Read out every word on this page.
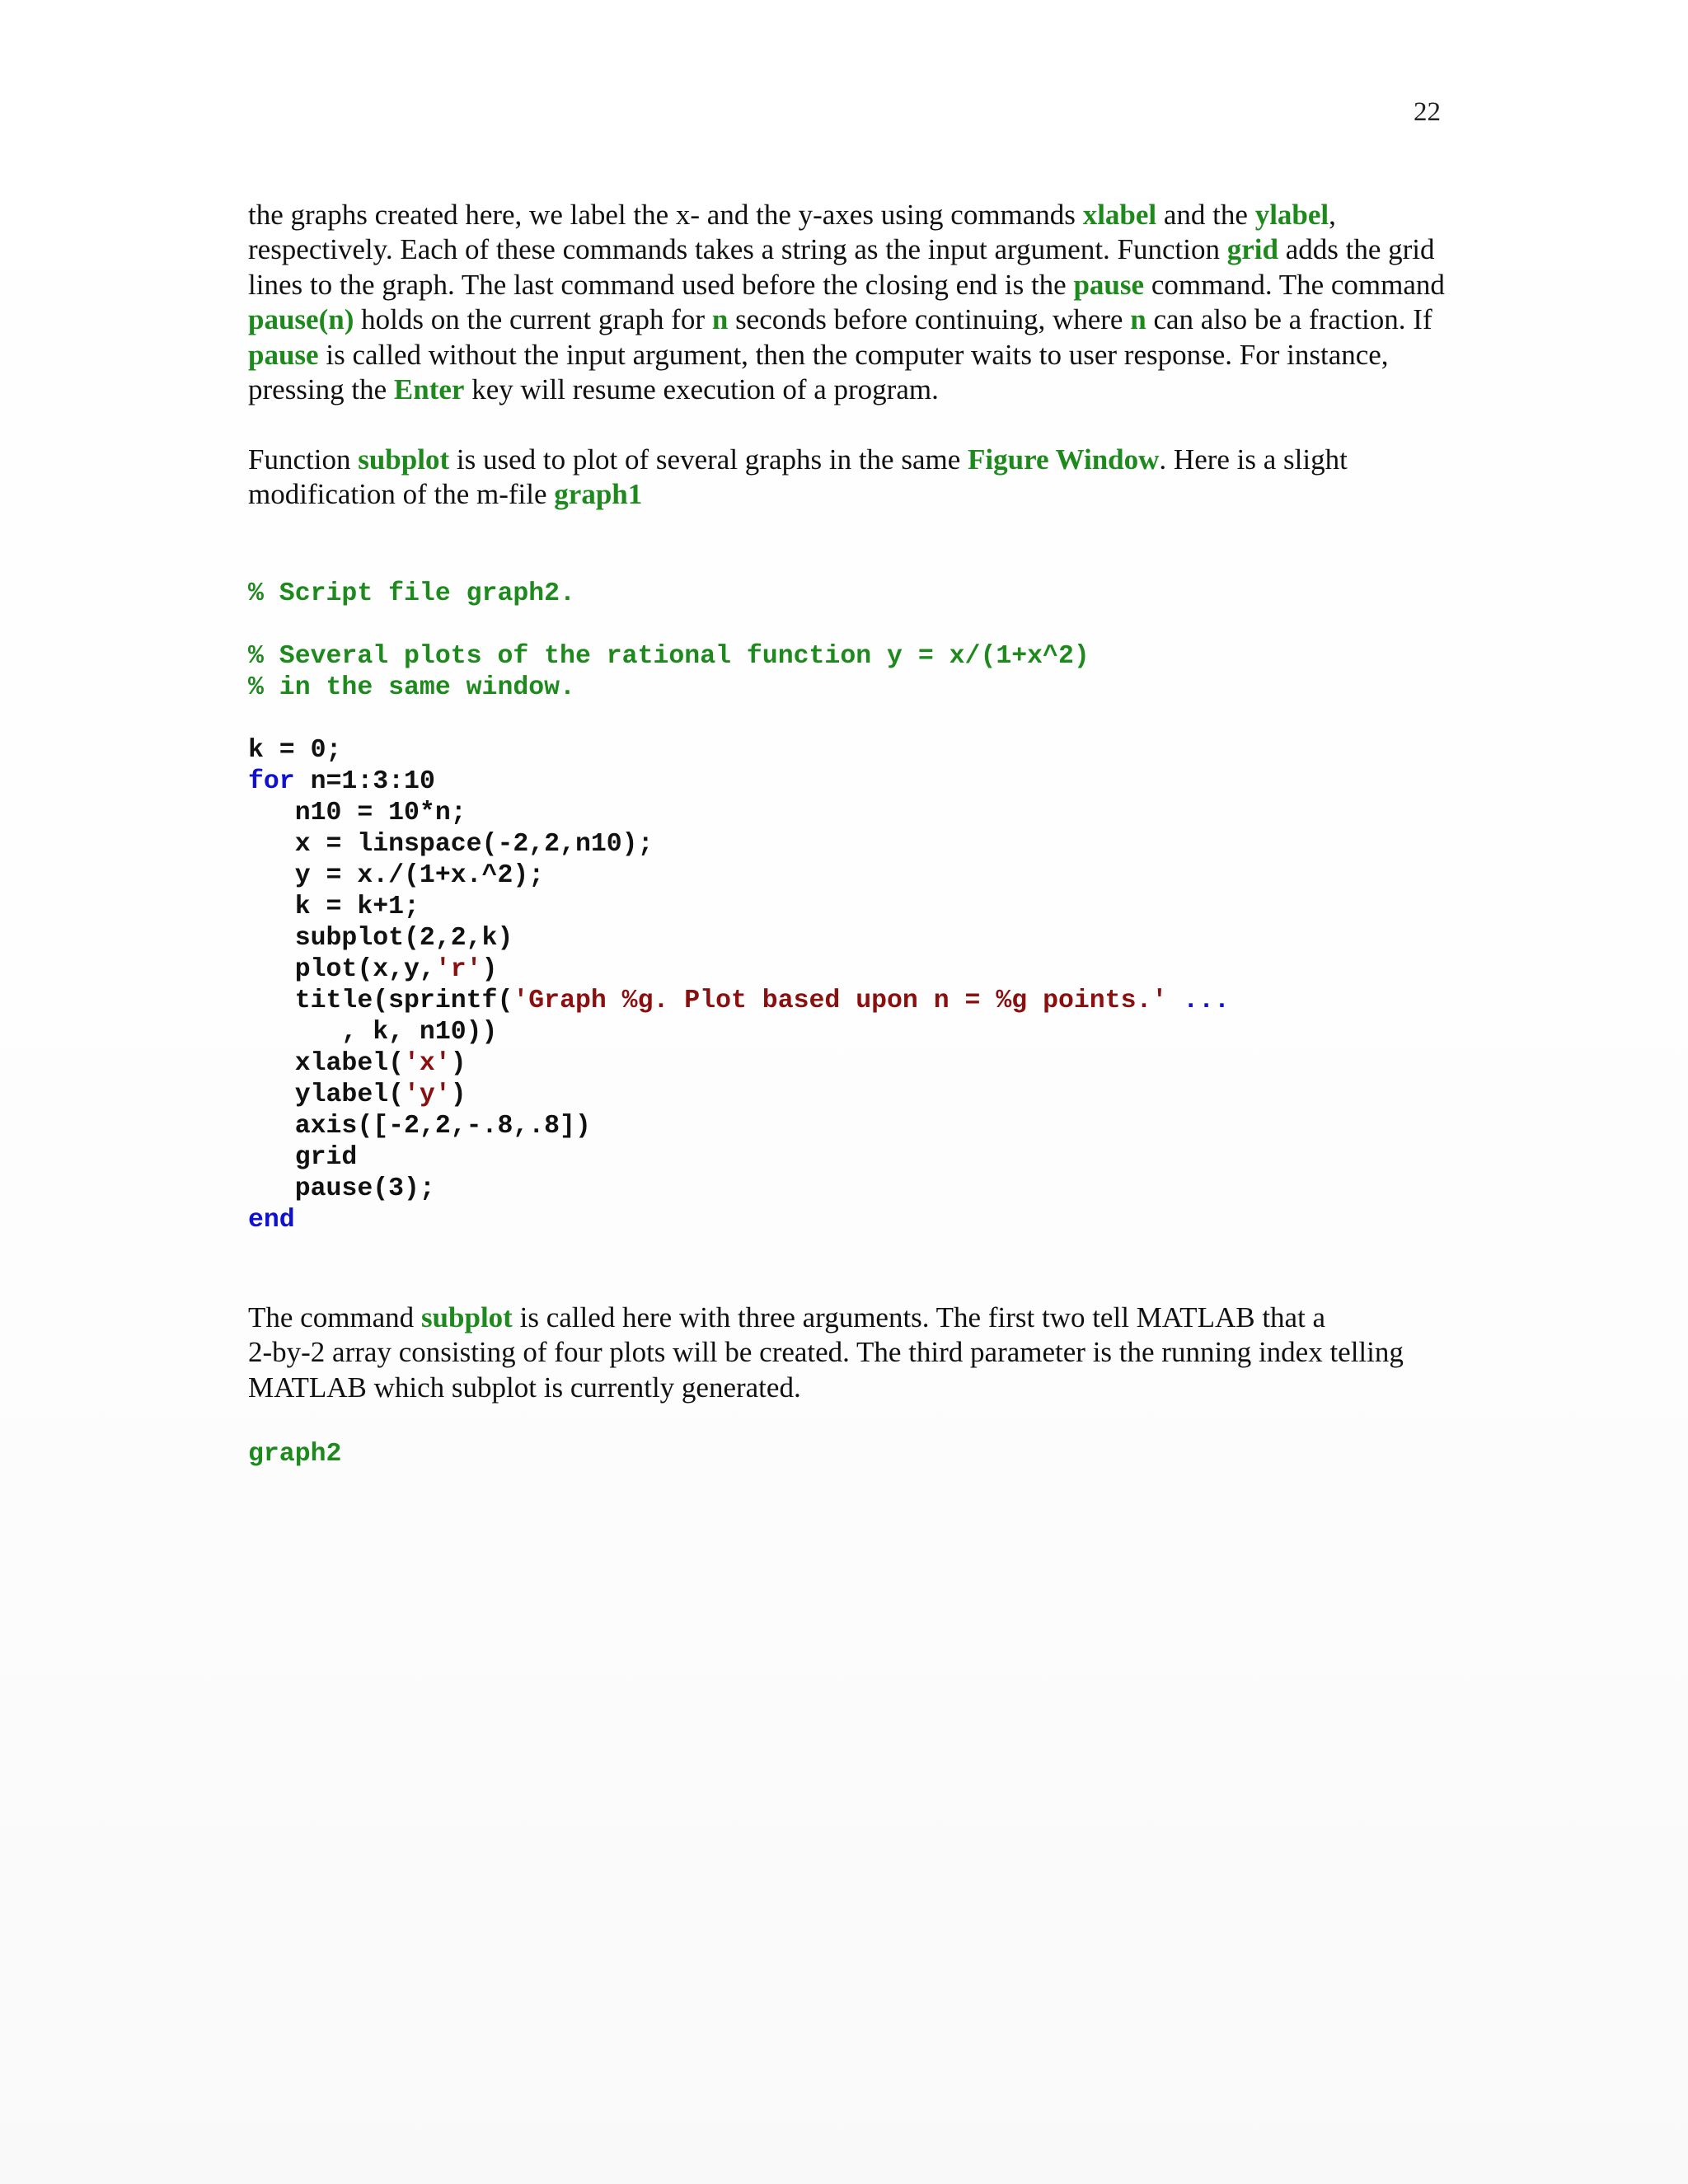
22

the graphs created here, we label the x- and the y-axes using commands xlabel and the ylabel, respectively. Each of these commands takes a string as the input argument. Function grid adds the grid lines to the graph. The last command used before the closing end is the pause command. The command pause(n) holds on the current graph for n seconds before continuing, where n can also be a fraction. If pause is called without the input argument, then the computer waits to user response. For instance, pressing the Enter key will resume execution of a program.

Function subplot is used to plot of several graphs in the same Figure Window. Here is a slight modification of the m-file graph1

% Script file graph2.
% Several plots of the rational function y = x/(1+x^2)
% in the same window.
k = 0;
for n=1:3:10
n10 = 10*n;
x = linspace(-2,2,n10);
y = x./(1+x.^2);
k = k+1;
subplot(2,2,k)
plot(x,y,'r')
title(sprintf('Graph %g. Plot based upon n = %g points.' ...
, k, n10))
xlabel('x')
ylabel('y')
axis([-2,2,-.8,.8])
grid
pause(3);
end

The command subplot is called here with three arguments. The first two tell MATLAB that a
2-by-2 array consisting of four plots will be created. The third parameter is the running index telling MATLAB which subplot is currently generated.

graph2
